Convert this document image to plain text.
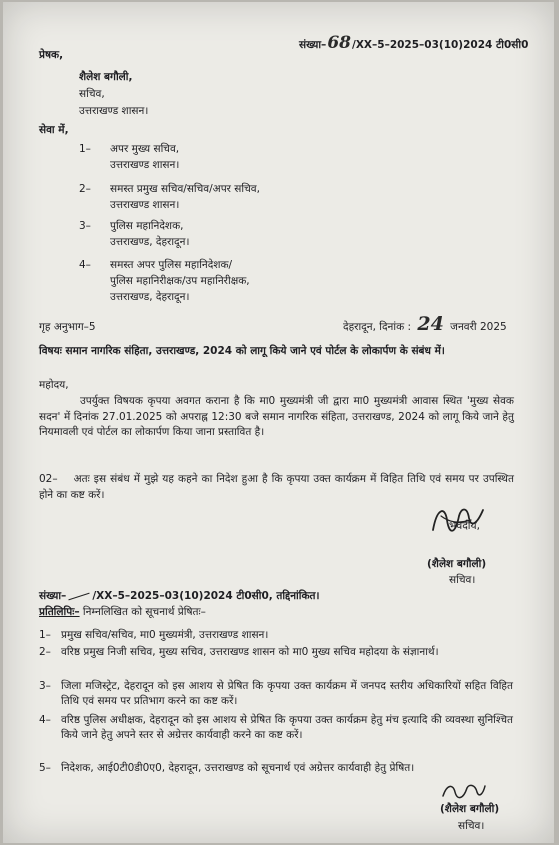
संख्या–68/XX–5–2025–03(10)2024 टी0सी0
प्रेषक,
शैलेश बगौली,
सचिव,
उत्तराखण्ड शासन।
सेवा में,
1– अपर मुख्य सचिव,
उत्तराखण्ड शासन।
2– समस्त प्रमुख सचिव/सचिव/अपर सचिव,
उत्तराखण्ड शासन।
3– पुलिस महानिदेशक,
उत्तराखण्ड, देहरादून।
4– समस्त अपर पुलिस महानिदेशक/
पुलिस महानिरीक्षक/उप महानिरीक्षक,
उत्तराखण्ड, देहरादून।
गृह अनुभाग–5	देहरादून, दिनांक : 24 जनवरी 2025
विषयः समान नागरिक संहिता, उत्तराखण्ड, 2024 को लागू किये जाने एवं पोर्टल के लोकार्पण के संबंध में।
महोदय,
उपर्युक्त विषयक कृपया अवगत कराना है कि मा0 मुख्यमंत्री जी द्वारा मा0 मुख्यमंत्री आवास स्थित 'मुख्य सेवक सदन' में दिनांक 27.01.2025 को अपराह्न 12:30 बजे समान नागरिक संहिता, उत्तराखण्ड, 2024 को लागू किये जाने हेतु नियमावली एवं पोर्टल का लोकार्पण किया जाना प्रस्तावित है।
02– अतः इस संबंध में मुझे यह कहने का निदेश हुआ है कि कृपया उक्त कार्यक्रम में विहित तिथि एवं समय पर उपस्थित होने का कष्ट करें।
भवदीय,
(शैलेश बगौली)
सचिव।
संख्या– /XX–5–2025–03(10)2024 टी0सी0, तद्दिनांकित।
प्रतिलिपिः– निम्नलिखित को सूचनार्थ प्रेषितः–
1– प्रमुख सचिव/सचिव, मा0 मुख्यमंत्री, उत्तराखण्ड शासन।
2– वरिष्ठ प्रमुख निजी सचिव, मुख्य सचिव, उत्तराखण्ड शासन को मा0 मुख्य सचिव महोदया के संज्ञानार्थ।
3– जिला मजिस्ट्रेट, देहरादून को इस आशय से प्रेषित कि कृपया उक्त कार्यक्रम में जनपद स्तरीय अधिकारियों सहित विहित तिथि एवं समय पर प्रतिभाग करने का कष्ट करें।
4– वरिष्ठ पुलिस अधीक्षक, देहरादून को इस आशय से प्रेषित कि कृपया उक्त कार्यक्रम हेतु मंच इत्यादि की व्यवस्था सुनिश्चित किये जाने हेतु अपने स्तर से अग्रेत्तर कार्यवाही करने का कष्ट करें।
5– निदेशक, आई0टी0डी0ए0, देहरादून, उत्तराखण्ड को सूचनार्थ एवं अग्रेत्तर कार्यवाही हेतु प्रेषित।
(शैलेश बगौली)
सचिव।
